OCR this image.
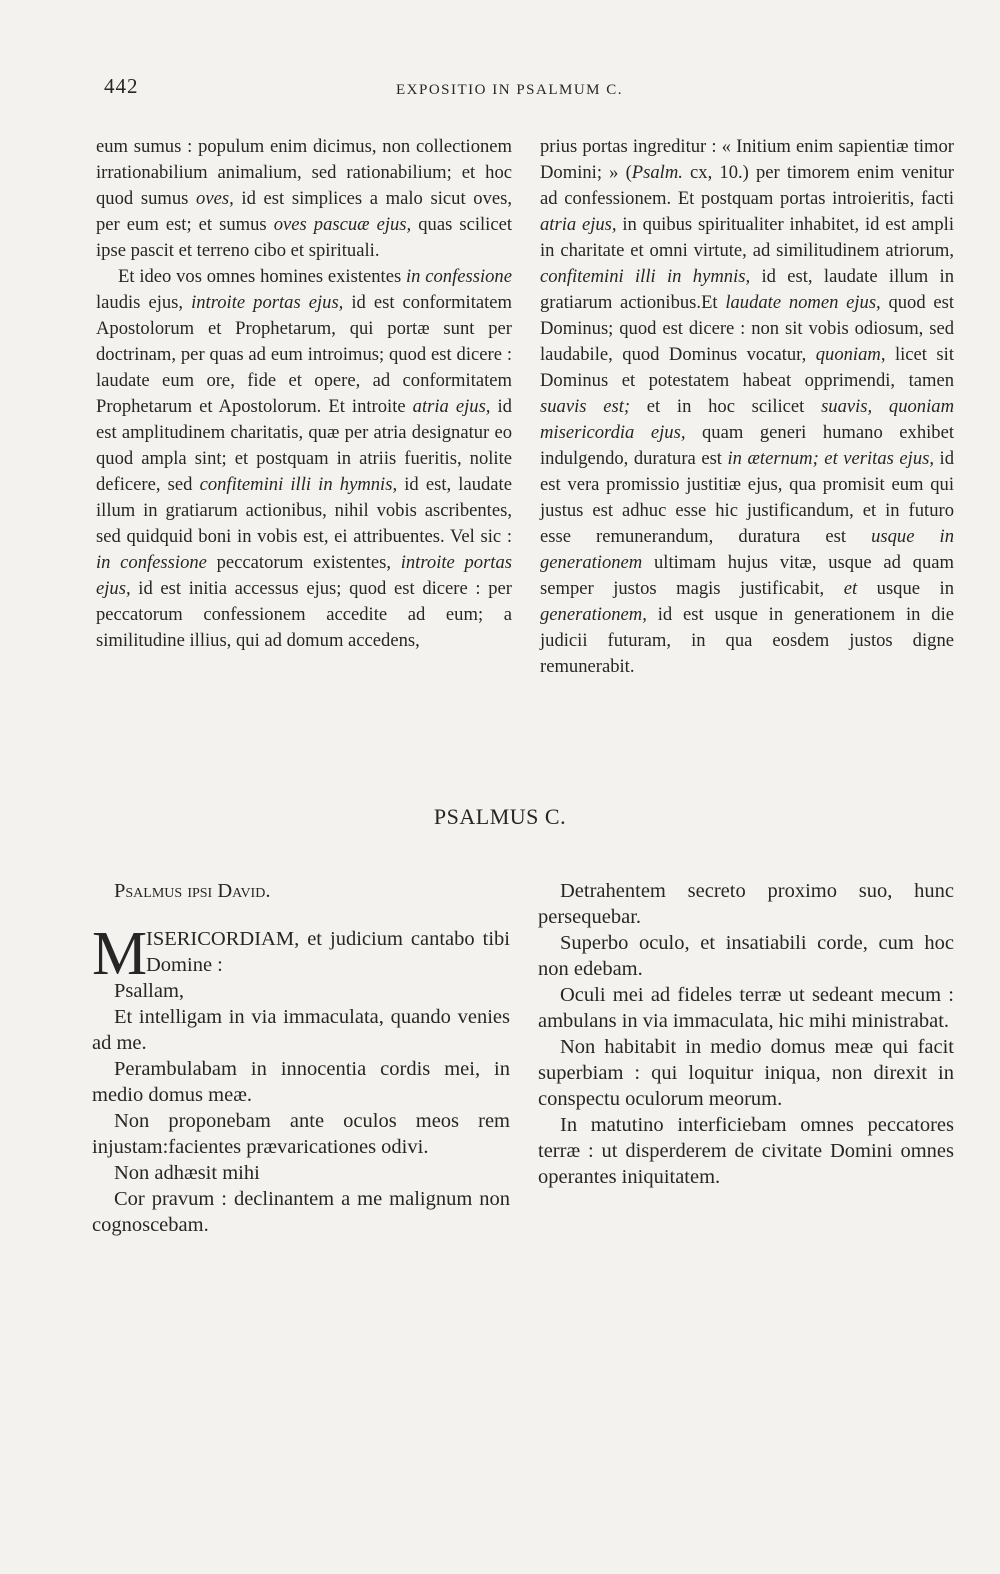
442	EXPOSITIO IN PSALMUM C.

eum sumus : populum enim dicimus, non collectionem irrationabilium animalium, sed rationabilium; et hoc quod sumus oves, id est simplices a malo sicut oves, per eum est; et sumus oves pascuæ ejus, quas scilicet ipse pascit et terreno cibo et spirituali.

Et ideo vos omnes homines existentes in confessione laudis ejus, introite portas ejus, id est conformitatem Apostolorum et Prophetarum, qui portæ sunt per doctrinam, per quas ad eum introimus; quod est dicere : laudate eum ore, fide et opere, ad conformitatem Prophetarum et Apostolorum. Et introite atria ejus, id est amplitudinem charitatis, quæ per atria designatur eo quod ampla sint; et postquam in atriis fueritis, nolite deficere, sed confitemini illi in hymnis, id est, laudate illum in gratiarum actionibus, nihil vobis ascribentes, sed quidquid boni in vobis est, ei attribuentes. Vel sic : in confessione peccatorum existentes, introite portas ejus, id est initia accessus ejus; quod est dicere : per peccatorum confessionem accedite ad eum; a similitudine illius, qui ad domum accedens,

prius portas ingreditur : « Initium enim sapientiæ timor Domini; » (Psalm. cx, 10.) per timorem enim venitur ad confessionem. Et postquam portas introieritis, facti atria ejus, in quibus spiritualiter inhabitet, id est ampli in charitate et omni virtute, ad similitudinem atriorum, confitemini illi in hymnis, id est, laudate illum in gratiarum actionibus.Et laudate nomen ejus, quod est Dominus; quod est dicere : non sit vobis odiosum, sed laudabile, quod Dominus vocatur, quoniam, licet sit Dominus et potestatem habeat opprimendi, tamen suavis est; et in hoc scilicet suavis, quoniam misericordia ejus, quam generi humano exhibet indulgendo, duratura est in æternum; et veritas ejus, id est vera promissio justitiæ ejus, qua promisit eum qui justus est adhuc esse hic justificandum, et in futuro esse remunerandum, duratura est usque in generationem ultimam hujus vitæ, usque ad quam semper justos magis justificabit, et usque in generationem, id est usque in generationem in die judicii futuram, in qua eosdem justos digne remunerabit.

PSALMUS C.

Psalmus ipsi David.

M

ISERICORDIAM, et judicium cantabo tibi Domine :

Psallam,

Et intelligam in via immaculata, quando venies ad me.

Perambulabam in innocentia cordis mei, in medio domus meæ.

Non proponebam ante oculos meos rem injustam:facientes prævaricationes odivi.

Non adhæsit mihi

Cor pravum : declinantem a me malignum non cognoscebam.

Detrahentem secreto proximo suo, hunc persequebar.

Superbo oculo, et insatiabili corde, cum hoc non edebam.

Oculi mei ad fideles terræ ut sedeant mecum : ambulans in via immaculata, hic mihi ministrabat.

Non habitabit in medio domus meæ qui facit superbiam : qui loquitur iniqua, non direxit in conspectu oculorum meorum.

In matutino interficiebam omnes peccatores terræ : ut disperderem de civitate Domini omnes operantes iniquitatem.
